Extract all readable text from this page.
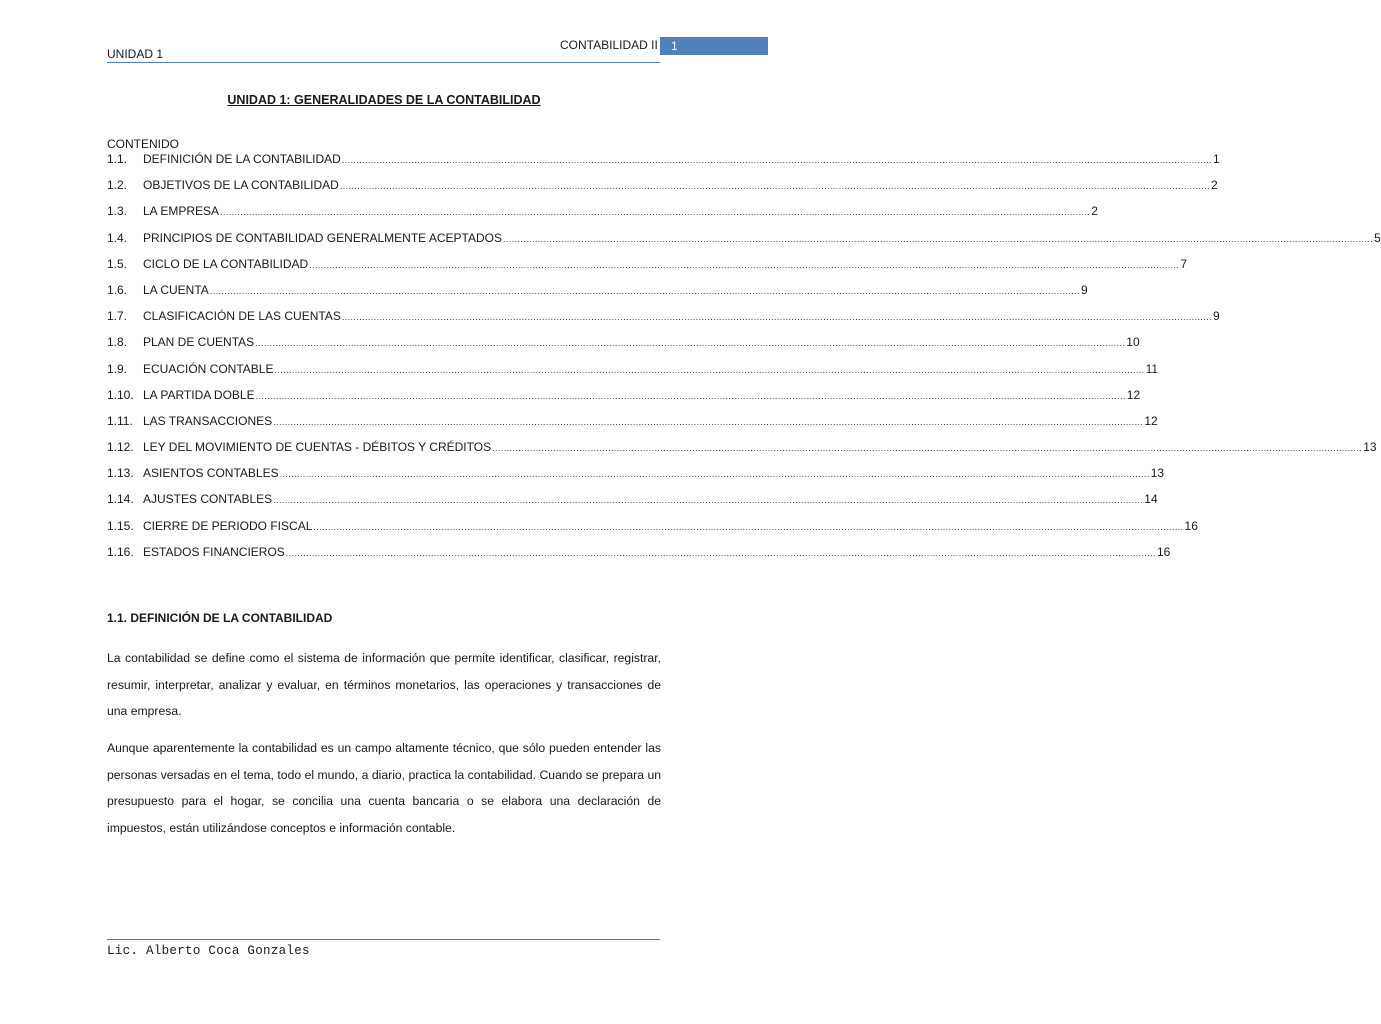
UNIDAD 1
CONTABILIDAD II	1
UNIDAD 1: GENERALIDADES DE LA CONTABILIDAD
CONTENIDO
1.1.	DEFINICIÓN DE LA CONTABILIDAD ............................................................................................................................................................................................................................................................................................................ 1
1.2.	OBJETIVOS DE LA CONTABILIDAD ............................................................................................................................................................................................................................................................................................................ 2
1.3.	LA EMPRESA ............................................................................................................................................................................................................................................................................................................ 2
1.4.	PRINCIPIOS DE CONTABILIDAD GENERALMENTE ACEPTADOS ............................................................................................................................................................................................................................................................................................................ 5
1.5.	CICLO DE LA CONTABILIDAD ............................................................................................................................................................................................................................................................................................................ 7
1.6.	LA CUENTA ............................................................................................................................................................................................................................................................................................................ 9
1.7.	CLASIFICACIÓN DE LAS CUENTAS ............................................................................................................................................................................................................................................................................................................ 9
1.8.	PLAN DE CUENTAS ............................................................................................................................................................................................................................................................................................................ 10
1.9.	ECUACIÓN CONTABLE ............................................................................................................................................................................................................................................................................................................ 11
1.10. LA PARTIDA DOBLE ............................................................................................................................................................................................................................................................................................................ 12
1.11. LAS TRANSACCIONES ............................................................................................................................................................................................................................................................................................................ 12
1.12. LEY DEL MOVIMIENTO DE CUENTAS - DÉBITOS Y CRÉDITOS ............................................................................................................................................................................................................................................................................................................ 13
1.13. ASIENTOS CONTABLES ............................................................................................................................................................................................................................................................................................................ 13
1.14. AJUSTES CONTABLES ............................................................................................................................................................................................................................................................................................................ 14
1.15. CIERRE DE PERIODO FISCAL ............................................................................................................................................................................................................................................................................................................ 16
1.16. ESTADOS FINANCIEROS ............................................................................................................................................................................................................................................................................................................ 16
1.1. DEFINICIÓN DE LA CONTABILIDAD

La contabilidad se define como el sistema de información que permite identificar, clasificar, registrar, resumir, interpretar, analizar y evaluar, en términos monetarios, las operaciones y transacciones de una empresa.

Aunque aparentemente la contabilidad es un campo altamente técnico, que sólo pueden entender las personas versadas en el tema, todo el mundo, a diario, practica la contabilidad. Cuando se prepara un presupuesto para el hogar, se concilia una cuenta bancaria o se elabora una declaración de impuestos, están utilizándose conceptos e información contable.

Lic. Alberto Coca Gonzales
